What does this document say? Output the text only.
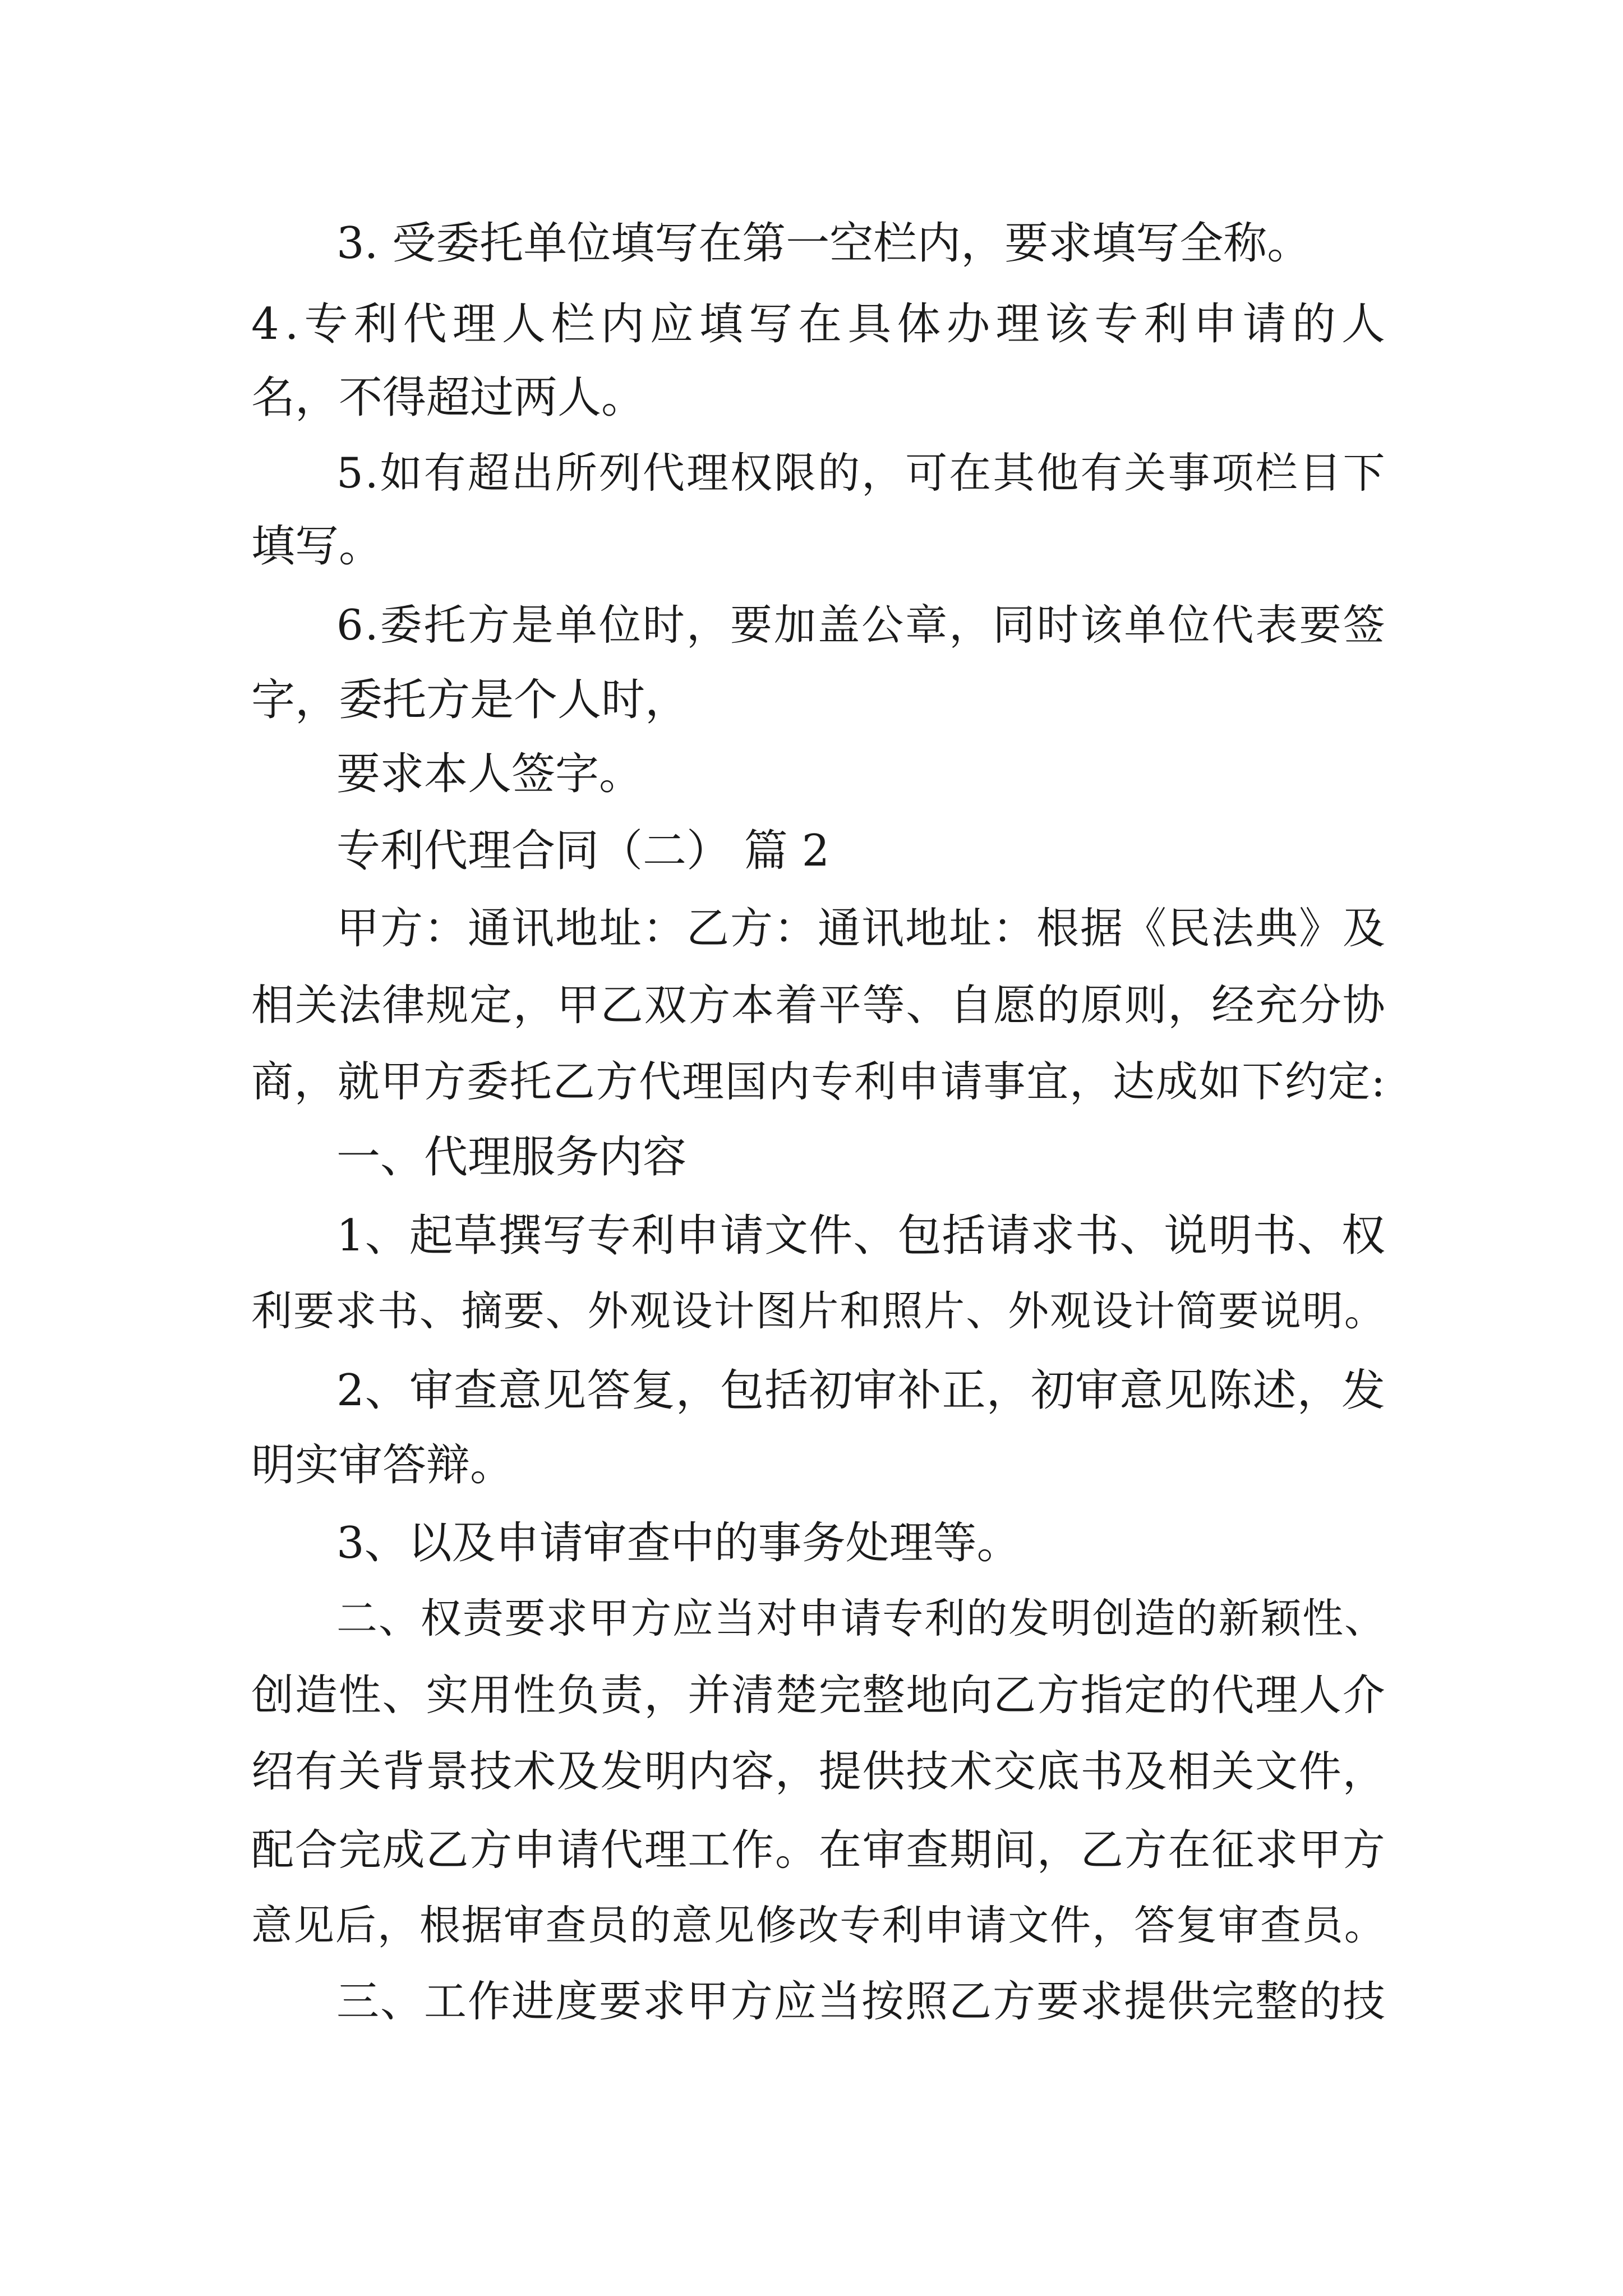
3. 受委托单位填写在第一空栏内，要求填写全称。

4 . 专 利 代 理 人 栏 内 应 填 写 在 具 体 办 理 该 专 利 申 请 的 人

名，不得超过两人。

5 . 如 有 超 出 所 列 代 理 权 限 的 ， 可 在 其 他 有 关 事 项 栏 目 下

填写。

6 . 委 托 方 是 单 位 时 ， 要 加 盖 公 章 ， 同 时 该 单 位 代 表 要 签

字，委托方是个人时，

要求本人签字。

专利代理合同（二） 篇 2

甲 方 ： 通 讯 地 址 ： 乙 方 ： 通 讯 地 址 ： 根 据 《 民 法 典 》 及

相 关 法 律 规 定 ， 甲 乙 双 方 本 着 平 等 、 自 愿 的 原 则 ， 经 充 分 协

商 ， 就 甲 方 委 托 乙 方 代 理 国 内 专 利 申 请 事 宜 ， 达 成 如 下 约 定 :

一、代理服务内容

1 、 起 草 撰 写 专 利 申 请 文 件 、 包 括 请 求 书 、 说 明 书 、 权

利 要 求 书 、 摘 要 、 外 观 设 计 图 片 和 照 片 、 外 观 设 计 简 要 说 明 。

2 、 审 查 意 见 答 复 ， 包 括 初 审 补 正 ， 初 审 意 见 陈 述 ， 发

明实审答辩。

3、以及申请审查中的事务处理等。

二 、 权 责 要 求 甲 方 应 当 对 申 请 专 利 的 发 明 创 造 的 新 颖 性 、

创 造 性 、 实 用 性 负 责 ， 并 清 楚 完 整 地 向 乙 方 指 定 的 代 理 人 介

绍 有 关 背 景 技 术 及 发 明 内 容 ， 提 供 技 术 交 底 书 及 相 关 文 件 ，

配 合 完 成 乙 方 申 请 代 理 工 作 。 在 审 查 期 间 ， 乙 方 在 征 求 甲 方

意 见 后 ， 根 据 审 查 员 的 意 见 修 改 专 利 申 请 文 件 ， 答 复 审 查 员 。

三 、 工 作 进 度 要 求 甲 方 应 当 按 照 乙 方 要 求 提 供 完 整 的 技
